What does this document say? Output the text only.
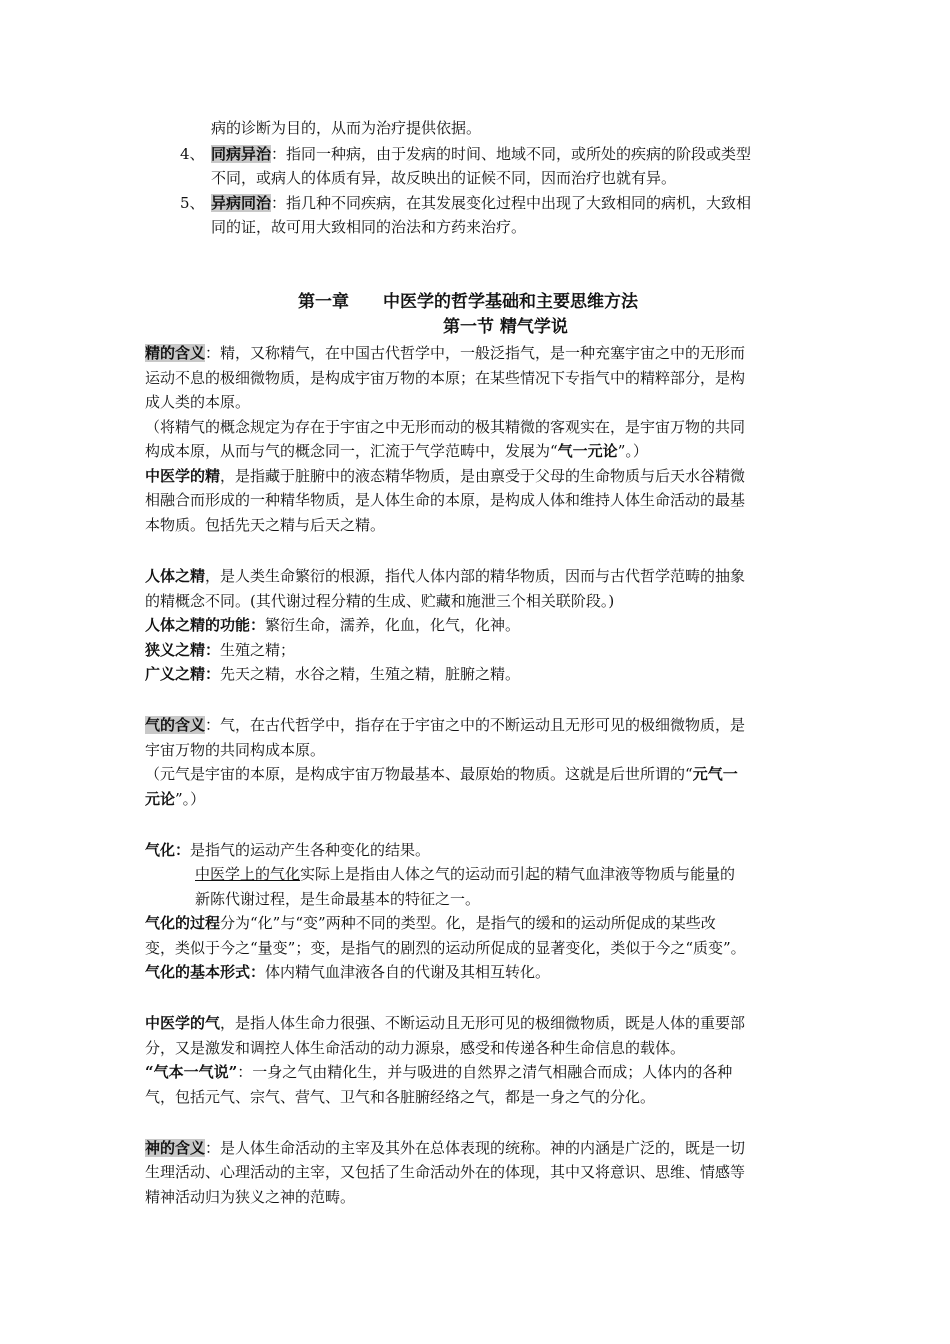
病的诊断为目的，从而为治疗提供依据。
4、 同病异治：指同一种病，由于发病的时间、地域不同，或所处的疾病的阶段或类型
不同，或病人的体质有异，故反映出的证候不同，因而治疗也就有异。
5、 异病同治：指几种不同疾病，在其发展变化过程中出现了大致相同的病机，大致相
同的证，故可用大致相同的治法和方药来治疗。
第一章　　中医学的哲学基础和主要思维方法
第一节 精气学说
精的含义：精，又称精气，在中国古代哲学中，一般泛指气，是一种充塞宇宙之中的无形而
运动不息的极细微物质，是构成宇宙万物的本原；在某些情况下专指气中的精粹部分，是构
成人类的本原。
（将精气的概念规定为存在于宇宙之中无形而动的极其精微的客观实在，是宇宙万物的共同
构成本原，从而与气的概念同一，汇流于气学范畴中，发展为“气一元论”。）
中医学的精，是指藏于脏腑中的液态精华物质，是由禀受于父母的生命物质与后天水谷精微
相融合而形成的一种精华物质，是人体生命的本原，是构成人体和维持人体生命活动的最基
本物质。包括先天之精与后天之精。
人体之精，是人类生命繁衍的根源，指代人体内部的精华物质，因而与古代哲学范畴的抽象
的精概念不同。(其代谢过程分精的生成、贮藏和施泄三个相关联阶段。)
人体之精的功能：繁衍生命，濡养，化血，化气，化神。
狭义之精：生殖之精；
广义之精：先天之精，水谷之精，生殖之精，脏腑之精。
气的含义：气，在古代哲学中，指存在于宇宙之中的不断运动且无形可见的极细微物质，是
宇宙万物的共同构成本原。
（元气是宇宙的本原，是构成宇宙万物最基本、最原始的物质。这就是后世所谓的“元气一
元论”。）
气化：是指气的运动产生各种变化的结果。
中医学上的气化实际上是指由人体之气的运动而引起的精气血津液等物质与能量的
新陈代谢过程，是生命最基本的特征之一。
气化的过程分为“化”与“变”两种不同的类型。化，是指气的缓和的运动所促成的某些改
变，类似于今之“量变”；变，是指气的剧烈的运动所促成的显著变化，类似于今之“质变”。
气化的基本形式：体内精气血津液各自的代谢及其相互转化。
中医学的气，是指人体生命力很强、不断运动且无形可见的极细微物质，既是人体的重要部
分，又是激发和调控人体生命活动的动力源泉，感受和传递各种生命信息的载体。
“气本一气说”：一身之气由精化生，并与吸进的自然界之清气相融合而成；人体内的各种
气，包括元气、宗气、营气、卫气和各脏腑经络之气，都是一身之气的分化。
神的含义：是人体生命活动的主宰及其外在总体表现的统称。神的内涵是广泛的，既是一切
生理活动、心理活动的主宰，又包括了生命活动外在的体现，其中又将意识、思维、情感等
精神活动归为狭义之神的范畴。
